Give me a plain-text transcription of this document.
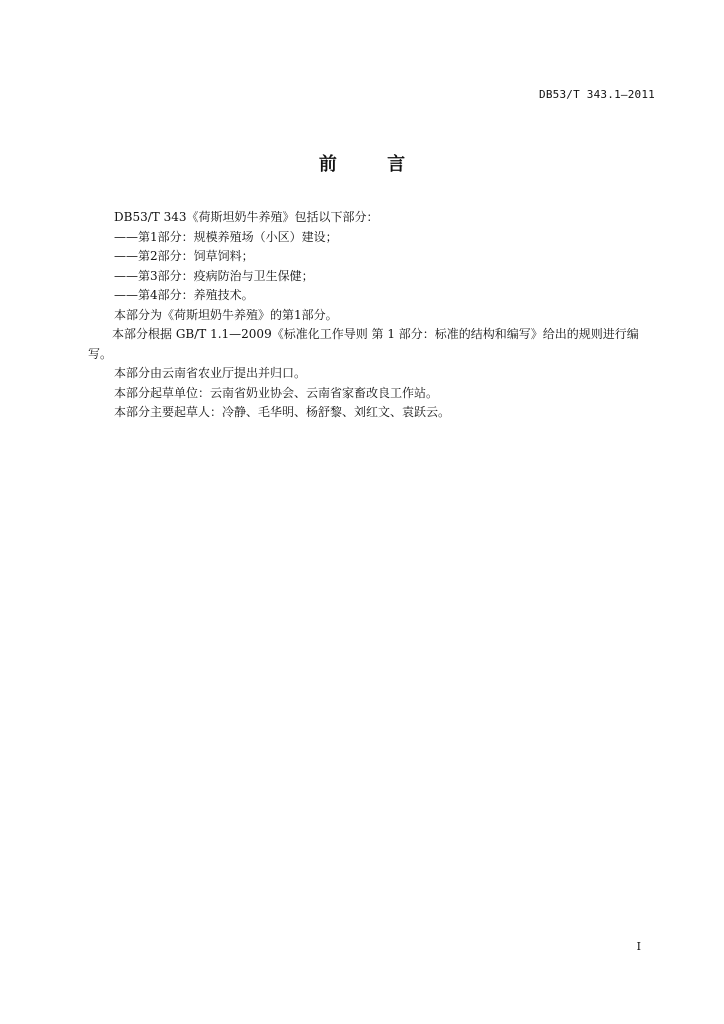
DB53/T 343.1—2011
前 言

DB53/T 343《荷斯坦奶牛养殖》包括以下部分：

——第1部分：规模养殖场（小区）建设；

——第2部分：饲草饲料；

——第3部分：疫病防治与卫生保健；

——第4部分：养殖技术。

本部分为《荷斯坦奶牛养殖》的第1部分。

本部分根据 GB/T 1.1—2009《标准化工作导则 第 1 部分：标准的结构和编写》给出的规则进行编写。

本部分由云南省农业厅提出并归口。

本部分起草单位：云南省奶业协会、云南省家畜改良工作站。

本部分主要起草人：冷静、毛华明、杨舒黎、刘红文、袁跃云。

I
